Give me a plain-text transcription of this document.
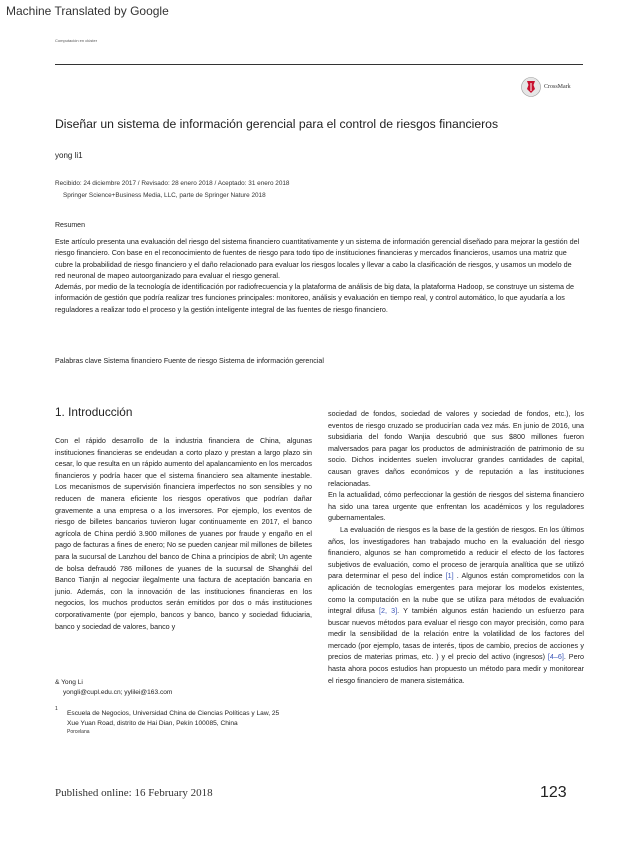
Machine Translated by Google
Computación en clúster
CrossMark
Diseñar un sistema de información gerencial para el control de riesgos financieros
yong li1
Recibido: 24 diciembre 2017 / Revisado: 28 enero 2018 / Aceptado: 31 enero 2018
Springer Science+Business Media, LLC, parte de Springer Nature 2018
Resumen

Este artículo presenta una evaluación del riesgo del sistema financiero cuantitativamente y un sistema de información gerencial diseñado para mejorar la gestión del riesgo financiero. Con base en el reconocimiento de fuentes de riesgo para todo tipo de instituciones financieras y mercados financieros, usamos una matriz que cubre la probabilidad de riesgo financiero y el daño relacionado para evaluar los riesgos locales y llevar a cabo la clasificación de riesgos, y usamos un modelo de red neuronal de mapeo autoorganizado para evaluar el riesgo general.

Además, por medio de la tecnología de identificación por radiofrecuencia y la plataforma de análisis de big data, la plataforma Hadoop, se construye un sistema de información de gestión que podría realizar tres funciones principales: monitoreo, análisis y evaluación en tiempo real, y control automático, lo que ayudaría a los reguladores a realizar todo el proceso y la gestión inteligente integral de las fuentes de riesgo financiero.

Palabras clave Sistema financiero Fuente de riesgo Sistema de información gerencial
1. Introducción

Con el rápido desarrollo de la industria financiera de China, algunas instituciones financieras se endeudan a corto plazo y prestan a largo plazo sin cesar, lo que resulta en un rápido aumento del apalancamiento en los mercados financieros y podría hacer que el sistema financiero sea altamente inestable. Los mecanismos de supervisión financiera imperfectos no son sensibles y no reducen de manera eficiente los riesgos operativos que podrían dañar gravemente a una empresa o a los inversores. Por ejemplo, los eventos de riesgo de billetes bancarios tuvieron lugar continuamente en 2017, el banco agrícola de China perdió 3.900 millones de yuanes por fraude y engaño en el pago de facturas a fines de enero; No se pueden canjear mil millones de billetes para la sucursal de Lanzhou del banco de China a principios de abril; Un agente de bolsa defraudó 786 millones de yuanes de la sucursal de Shanghái del Banco Tianjin al negociar ilegalmente una factura de aceptación bancaria en junio. Además, con la innovación de las instituciones financieras en los negocios, los muchos productos serán emitidos por dos o más instituciones corporativamente (por ejemplo, bancos y banco, banco y sociedad fiduciaria, banco y sociedad de valores, banco y

sociedad de fondos, sociedad de valores y sociedad de fondos, etc.), los eventos de riesgo cruzado se producirían cada vez más. En junio de 2016, una subsidiaria del fondo Wanjia descubrió que sus $800 millones fueron malversados para pagar los productos de administración de patrimonio de su socio. Dichos incidentes suelen involucrar grandes cantidades de capital, causan graves daños económicos y de reputación a las instituciones relacionadas.

En la actualidad, cómo perfeccionar la gestión de riesgos del sistema financiero ha sido una tarea urgente que enfrentan los académicos y los reguladores gubernamentales.

La evaluación de riesgos es la base de la gestión de riesgos. En los últimos años, los investigadores han trabajado mucho en la evaluación del riesgo financiero, algunos se han comprometido a reducir el efecto de los factores subjetivos de evaluación, como el proceso de jerarquía analítica que se utilizó para determinar el peso del índice [1] . Algunos están comprometidos con la aplicación de tecnologías emergentes para mejorar los modelos existentes, como la computación en la nube que se utiliza para métodos de evaluación integral difusa [2, 3]. Y también algunos están haciendo un esfuerzo para buscar nuevos métodos para evaluar el riesgo con mayor precisión, como para medir la sensibilidad de la relación entre la volatilidad de los factores del mercado (por ejemplo, tasas de interés, tipos de cambio, precios de acciones y precios de materias primas, etc. ) y el precio del activo (ingresos) [4–6]. Pero hasta ahora pocos estudios han propuesto un método para medir y monitorear el riesgo financiero de manera sistemática.

& Yong Li
yongli@cupl.edu.cn; yylilei@163.com
1
Escuela de Negocios, Universidad China de Ciencias Políticas y Law, 25 Xue Yuan Road, distrito de Hai Dian, Pekín 100085, China
Porcelana
Published online: 16 February 2018	123
